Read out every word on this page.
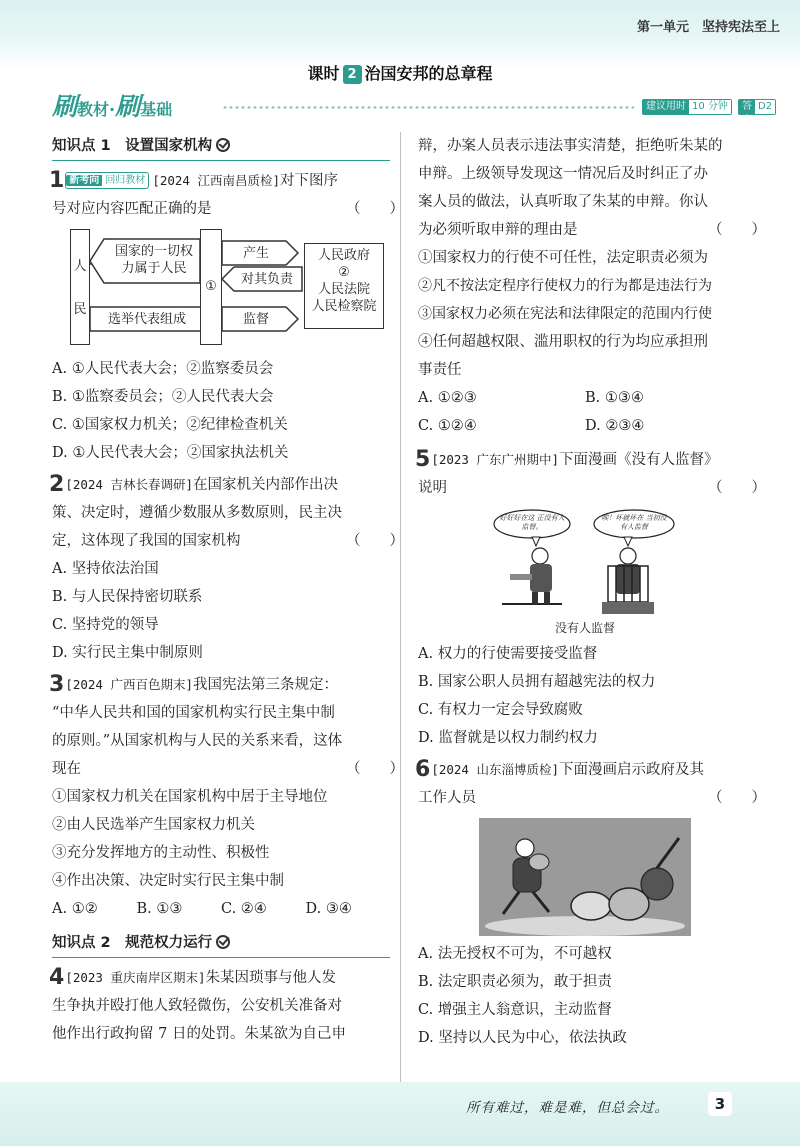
第一单元　坚持宪法至上
课时 2 治国安邦的总章程
刷教材·刷基础	建议用时 10 分钟	答案
D2
知识点 1　设置国家机构
1 新考向 回归教材 [2024 江西南昌质检]对下图序
号对应内容匹配正确的是	（　　）
人
民
国家的一切权
力属于人民
①
选举代表组成
产生
对其负责
监督
人民政府
②
人民法院
人民检察院
A. ①人民代表大会；②监察委员会
B. ①监察委员会；②人民代表大会
C. ①国家权力机关；②纪律检查机关
D. ①人民代表大会；②国家执法机关
2[2024 吉林长春调研]在国家机关内部作出决
策、决定时，遵循少数服从多数原则，民主决
定，这体现了我国的国家机构	（　　）
A. 坚持依法治国
B. 与人民保持密切联系
C. 坚持党的领导
D. 实行民主集中制原则
3[2024 广西百色期末]我国宪法第三条规定：
“中华人民共和国的国家机构实行民主集中制
的原则。”从国家机构与人民的关系来看，这体
现在	（　　）
①国家权力机关在国家机构中居于主导地位
②由人民选举产生国家权力机关
③充分发挥地方的主动性、积极性
④作出决策、决定时实行民主集中制
A. ①②	B. ①③	C. ②④	D. ③④
知识点 2　规范权力运行
4[2023 重庆南岸区期末]朱某因琐事与他人发
生争执并殴打他人致轻微伤，公安机关准备对
他作出行政拘留 7 日的处罚。朱某欲为自己申
辩，办案人员表示违法事实清楚，拒绝听朱某的
申辩。上级领导发现这一情况后及时纠正了办
案人员的做法，认真听取了朱某的申辩。你认
为必须听取申辩的理由是	（　　）
①国家权力的行使不可任性，法定职责必须为
②凡不按法定程序行使权力的行为都是违法行为
③国家权力必须在宪法和法律限定的范围内行使
④任何超越权限、滥用职权的行为均应承担刑
事责任
A. ①②③	B. ①③④
C. ①②④	D. ②③④
5[2023 广东广州期中]下面漫画《没有人监督》
说明	（　　）
好好好在这 正没有人监督。
唉！坏就坏在 当初没有人监督
没有人监督
A. 权力的行使需要接受监督
B. 国家公职人员拥有超越宪法的权力
C. 有权力一定会导致腐败
D. 监督就是以权力制约权力
6[2024 山东淄博质检]下面漫画启示政府及其
工作人员	（　　）
A. 法无授权不可为，不可越权
B. 法定职责必须为，敢于担责
C. 增强主人翁意识，主动监督
D. 坚持以人民为中心，依法执政
所有难过，难是难，但总会过。	3
